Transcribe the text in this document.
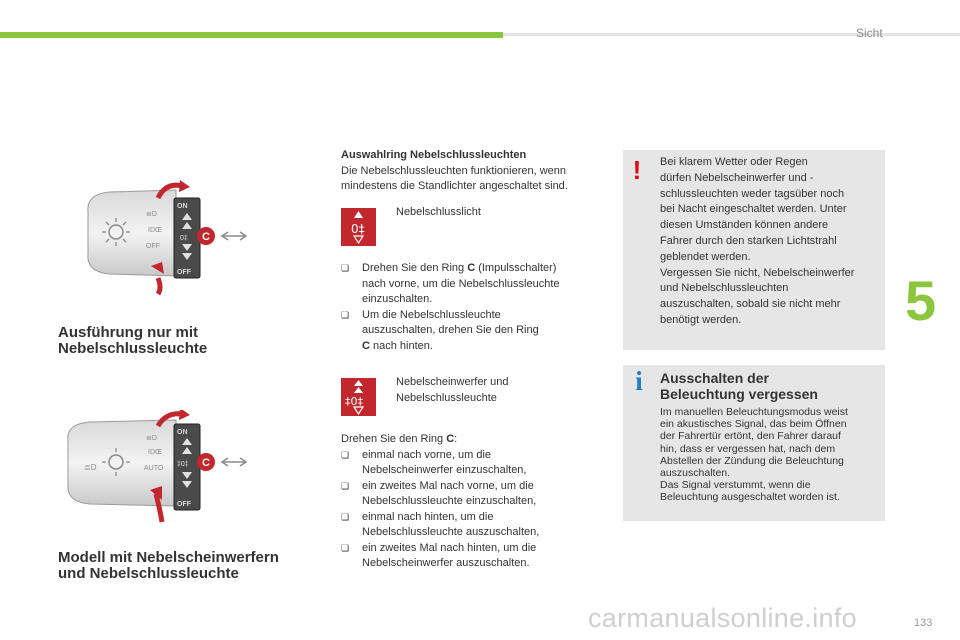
Sicht
5
133
≣D
IDŒ
OFF
ON
OFF
0‡ C
Ausführung nur mit
Nebelschlussleuchte
≣D
≣D
IDŒ
AUTO
ON
OFF
‡0‡ C
Modell mit Nebelscheinwerfern
und Nebelschlussleuchte
Auswahlring Nebelschlussleuchten
Die Nebelschlussleuchten funktionieren, wenn
mindestens die Standlichter angeschaltet sind.
0‡
Nebelschlusslicht
❏	Drehen Sie den Ring C (Impulsschalter)
nach vorne, um die Nebelschlussleuchte
einzuschalten.
❏	Um die Nebelschlussleuchte
auszuschalten, drehen Sie den Ring
C nach hinten.
‡0‡
Nebelscheinwerfer und
Nebelschlussleuchte
Drehen Sie den Ring C:
❏	einmal nach vorne, um die
Nebelscheinwerfer einzuschalten,
❏	ein zweites Mal nach vorne, um die
Nebelschlussleuchte einzuschalten,
❏	einmal nach hinten, um die
Nebelschlussleuchte auszuschalten,
❏	ein zweites Mal nach hinten, um die
Nebelscheinwerfer auszuschalten.
! Bei klarem Wetter oder Regen
dürfen Nebelscheinwerfer und -
schlussleuchten weder tagsüber noch
bei Nacht eingeschaltet werden. Unter
diesen Umständen können andere
Fahrer durch den starken Lichtstrahl
geblendet werden.
Vergessen Sie nicht, Nebelscheinwerfer
und Nebelschlussleuchten
auszuschalten, sobald sie nicht mehr
benötigt werden.
i Ausschalten der
Beleuchtung vergessen
Im manuellen Beleuchtungsmodus weist
ein akustisches Signal, das beim Öffnen
der Fahrertür ertönt, den Fahrer darauf
hin, dass er vergessen hat, nach dem
Abstellen der Zündung die Beleuchtung
auszuschalten.
Das Signal verstummt, wenn die
Beleuchtung ausgeschaltet worden ist.
carmanualsonline.info
